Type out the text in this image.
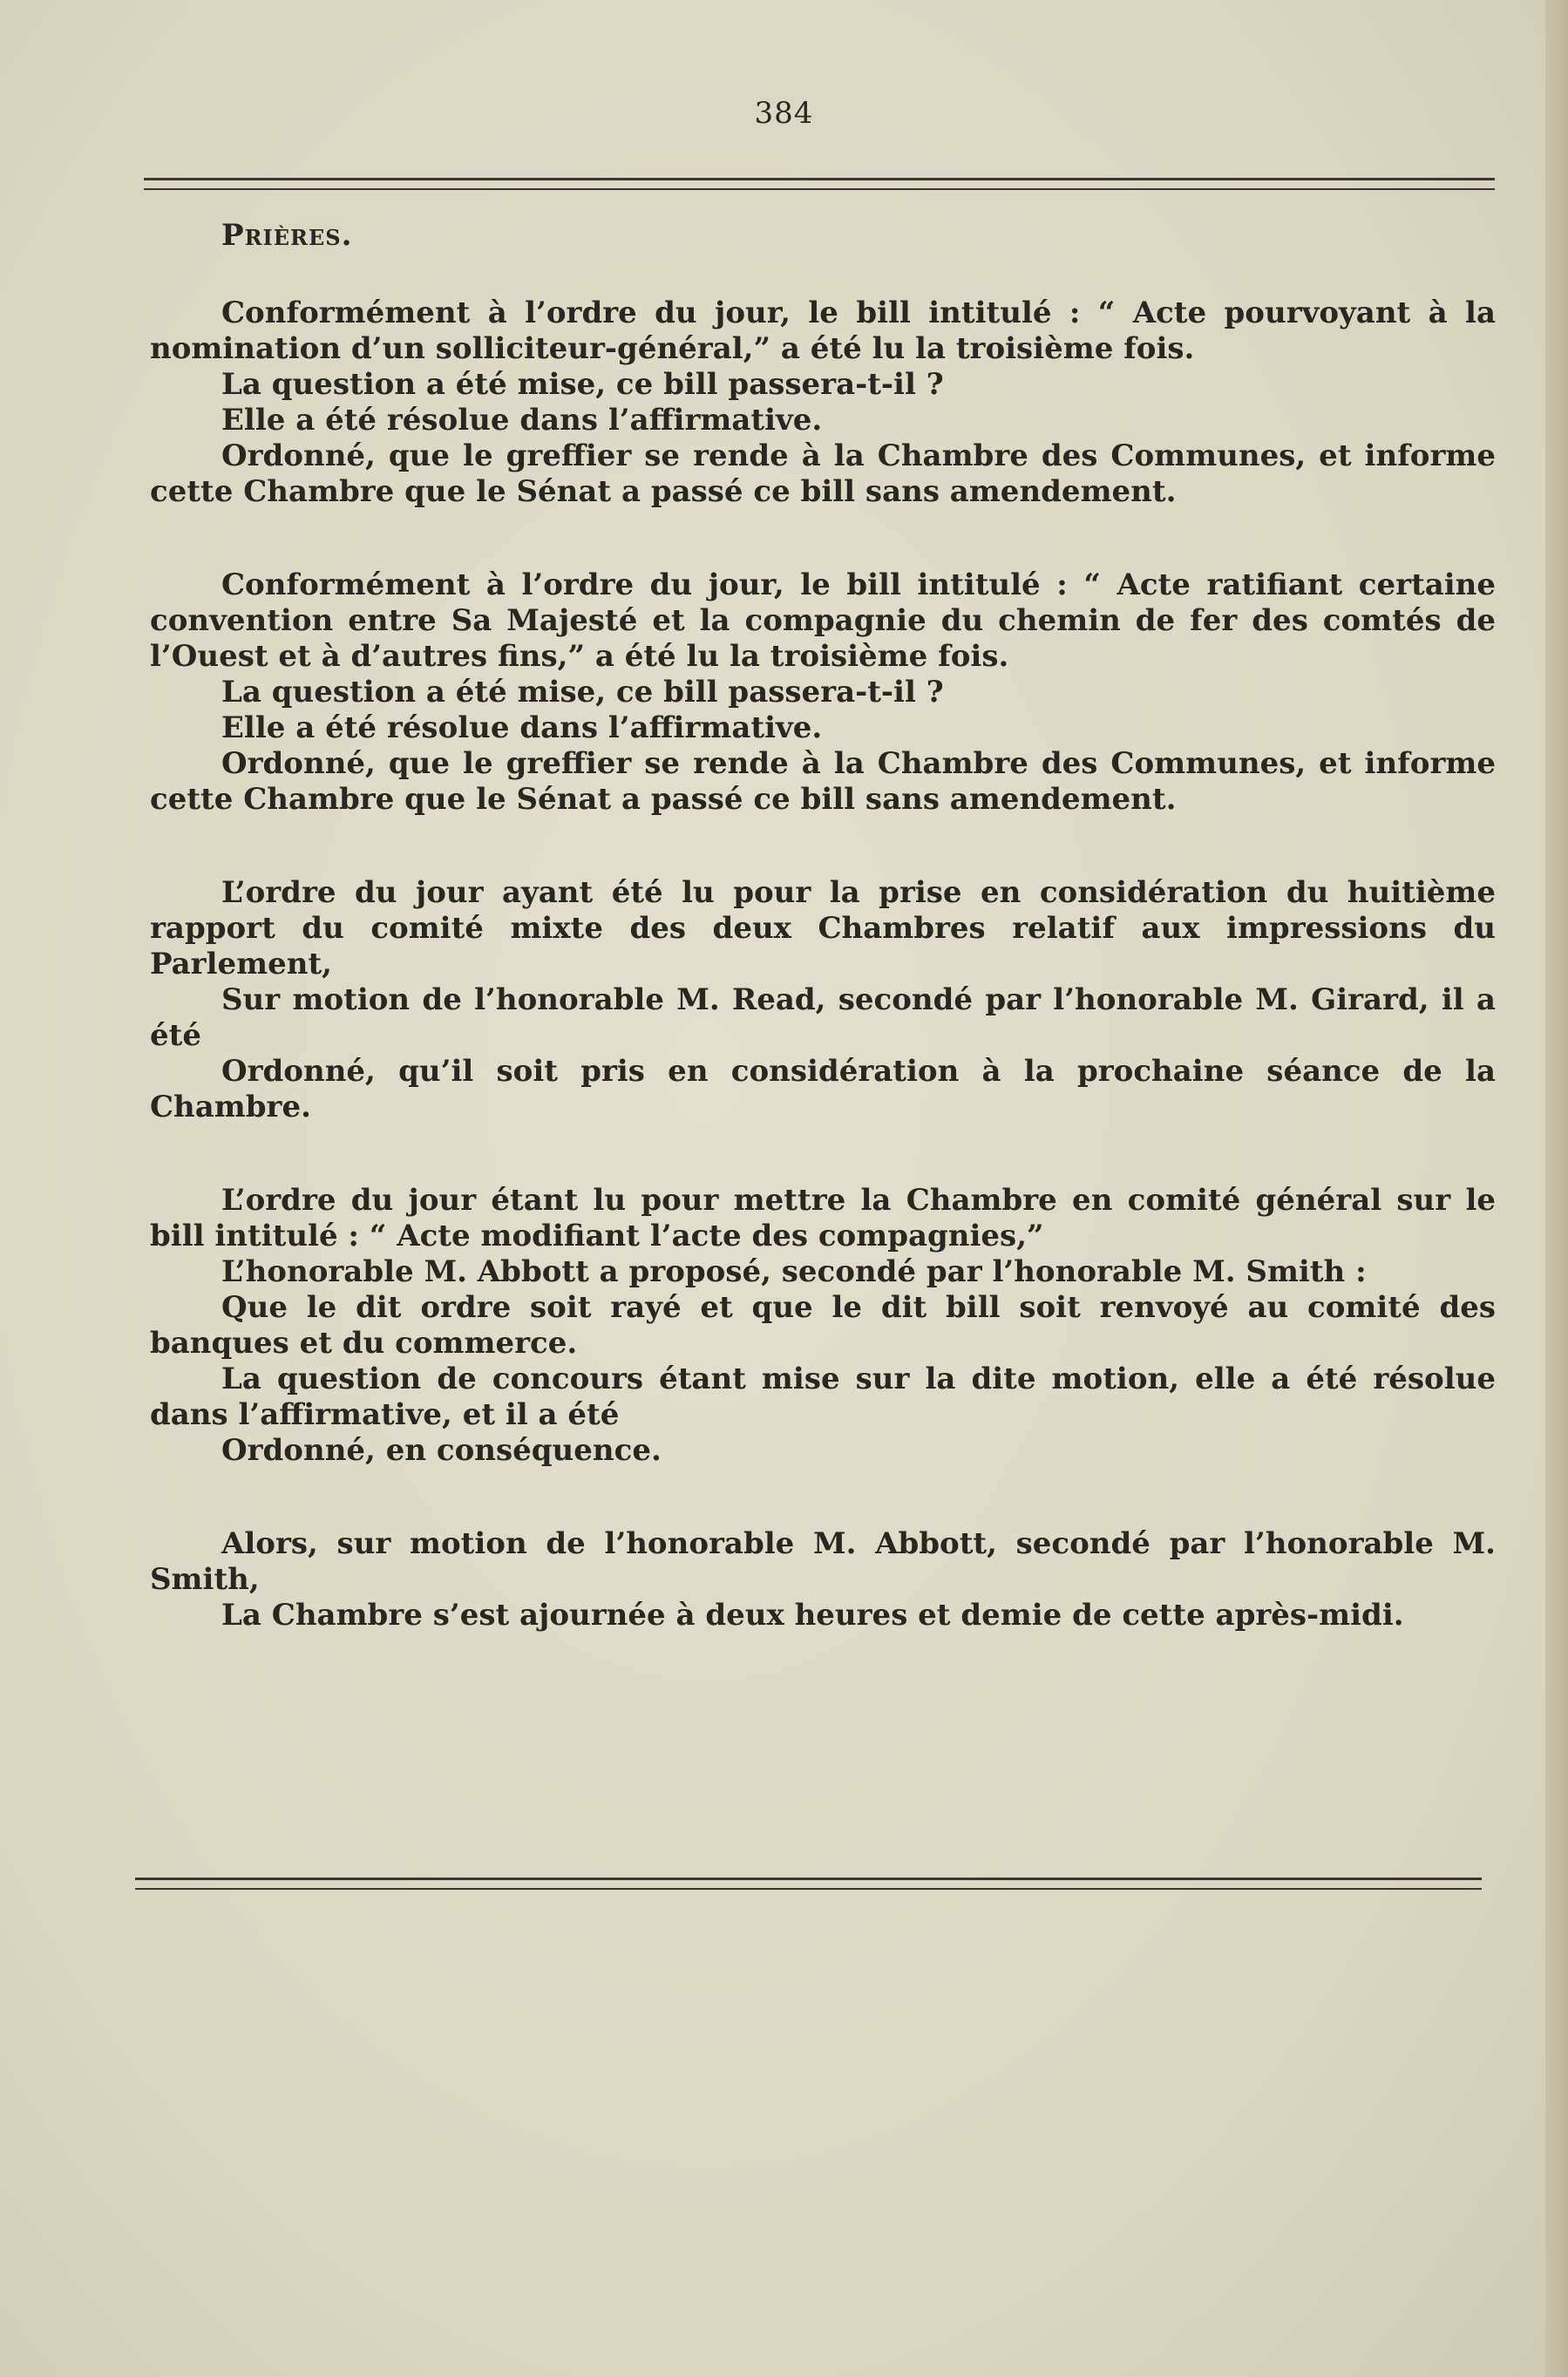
384
Prières.

Conformément à l’ordre du jour, le bill intitulé : “ Acte pourvoyant à la nomination d’un solliciteur-général,” a été lu la troisième fois.

La question a été mise, ce bill passera-t-il ?

Elle a été résolue dans l’affirmative.

Ordonné, que le greffier se rende à la Chambre des Communes, et informe cette Chambre que le Sénat a passé ce bill sans amendement.

Conformément à l’ordre du jour, le bill intitulé : “ Acte ratifiant certaine convention entre Sa Majesté et la compagnie du chemin de fer des comtés de l’Ouest et à d’autres fins,” a été lu la troisième fois.

La question a été mise, ce bill passera-t-il ?

Elle a été résolue dans l’affirmative.

Ordonné, que le greffier se rende à la Chambre des Communes, et informe cette Chambre que le Sénat a passé ce bill sans amendement.

L’ordre du jour ayant été lu pour la prise en considération du huitième rapport du comité mixte des deux Chambres relatif aux impressions du Parlement,

Sur motion de l’honorable M. Read, secondé par l’honorable M. Girard, il a été

Ordonné, qu’il soit pris en considération à la prochaine séance de la Chambre.

L’ordre du jour étant lu pour mettre la Chambre en comité général sur le bill intitulé : “ Acte modifiant l’acte des compagnies,”

L’honorable M. Abbott a proposé, secondé par l’honorable M. Smith :

Que le dit ordre soit rayé et que le dit bill soit renvoyé au comité des banques et du commerce.

La question de concours étant mise sur la dite motion, elle a été résolue dans l’affirmative, et il a été

Ordonné, en conséquence.

Alors, sur motion de l’honorable M. Abbott, secondé par l’honorable M. Smith,

La Chambre s’est ajournée à deux heures et demie de cette après-midi.
